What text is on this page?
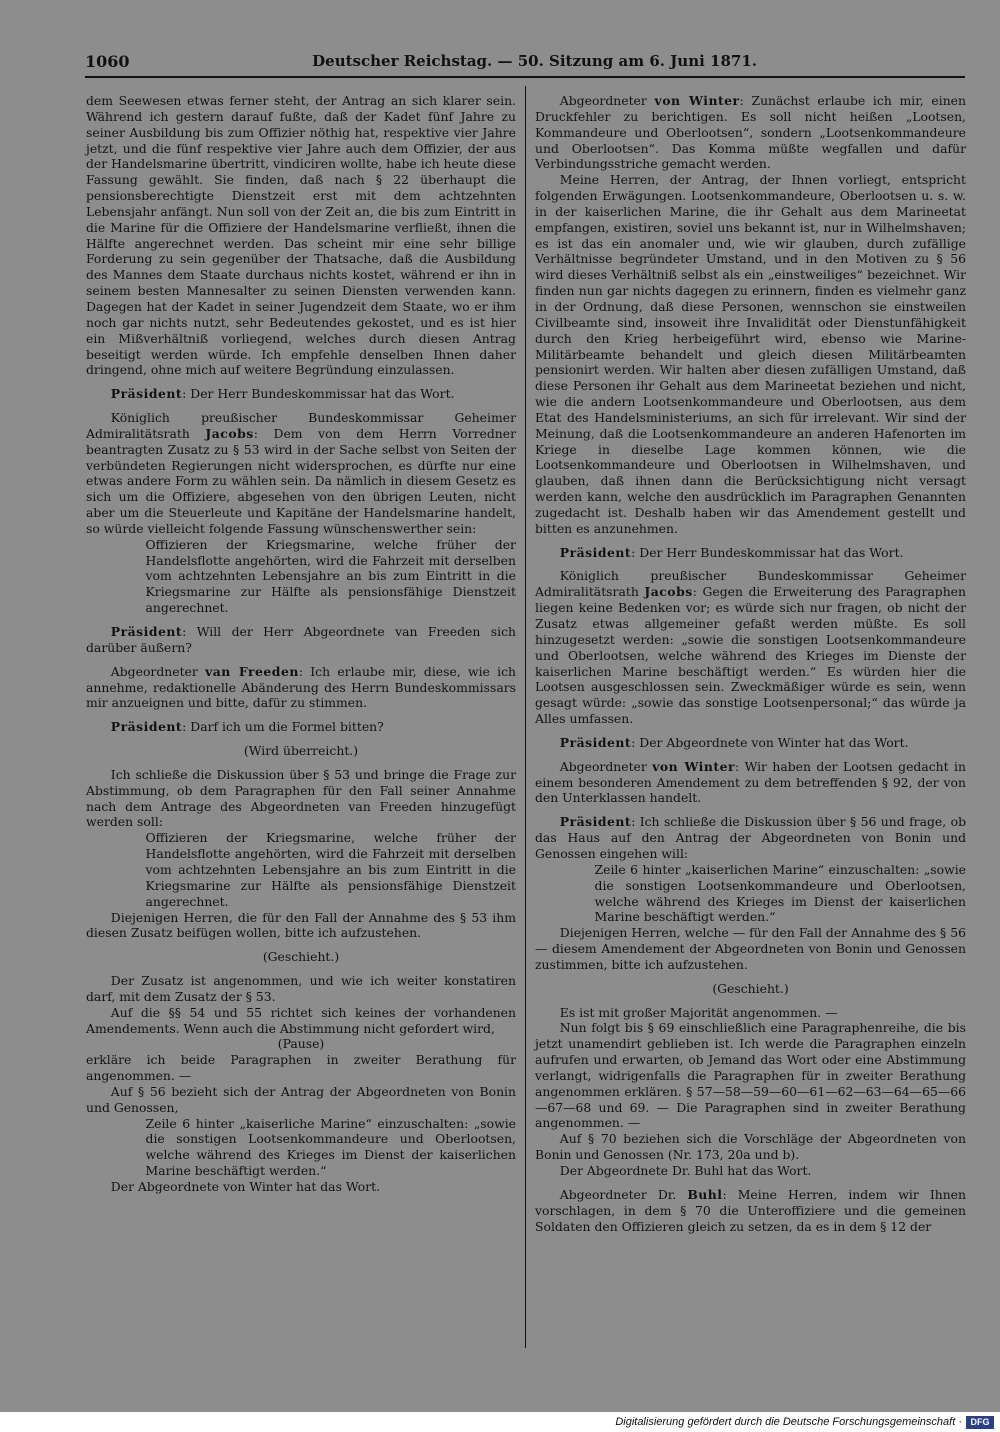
1060	Deutscher Reichstag. — 50. Sitzung am 6. Juni 1871.

dem Seewesen etwas ferner steht, der Antrag an sich klarer sein. Während ich gestern darauf fußte, daß der Kadet fünf Jahre zu seiner Ausbildung bis zum Offizier nöthig hat, respektive vier Jahre jetzt, und die fünf respektive vier Jahre auch dem Offizier, der aus der Handelsmarine übertritt, vindiciren wollte, habe ich heute diese Fassung gewählt. Sie finden, daß nach § 22 überhaupt die pensionsberechtigte Dienstzeit erst mit dem achtzehnten Lebensjahr anfängt. Nun soll von der Zeit an, die bis zum Eintritt in die Marine für die Offiziere der Handelsmarine verfließt, ihnen die Hälfte angerechnet werden. Das scheint mir eine sehr billige Forderung zu sein gegenüber der Thatsache, daß die Ausbildung des Mannes dem Staate durchaus nichts kostet, während er ihn in seinem besten Mannesalter zu seinen Diensten verwenden kann. Dagegen hat der Kadet in seiner Jugendzeit dem Staate, wo er ihm noch gar nichts nutzt, sehr Bedeutendes gekostet, und es ist hier ein Mißverhältniß vorliegend, welches durch diesen Antrag beseitigt werden würde. Ich empfehle denselben Ihnen daher dringend, ohne mich auf weitere Begründung einzulassen.

Präsident: Der Herr Bundeskommissar hat das Wort.

Königlich preußischer Bundeskommissar Geheimer Admiralitätsrath Jacobs: Dem von dem Herrn Vorredner beantragten Zusatz zu § 53 wird in der Sache selbst von Seiten der verbündeten Regierungen nicht widersprochen, es dürfte nur eine etwas andere Form zu wählen sein. Da nämlich in diesem Gesetz es sich um die Offiziere, abgesehen von den übrigen Leuten, nicht aber um die Steuerleute und Kapitäne der Handelsmarine handelt, so würde vielleicht folgende Fassung wünschenswerther sein:

Offizieren der Kriegsmarine, welche früher der Handelsflotte angehörten, wird die Fahrzeit mit derselben vom achtzehnten Lebensjahre an bis zum Eintritt in die Kriegsmarine zur Hälfte als pensionsfähige Dienstzeit angerechnet.

Präsident: Will der Herr Abgeordnete van Freeden sich darüber äußern?

Abgeordneter van Freeden: Ich erlaube mir, diese, wie ich annehme, redaktionelle Abänderung des Herrn Bundeskommissars mir anzueignen und bitte, dafür zu stimmen.

Präsident: Darf ich um die Formel bitten?

(Wird überreicht.)

Ich schließe die Diskussion über § 53 und bringe die Frage zur Abstimmung, ob dem Paragraphen für den Fall seiner Annahme nach dem Antrage des Abgeordneten van Freeden hinzugefügt werden soll:

Offizieren der Kriegsmarine, welche früher der Handelsflotte angehörten, wird die Fahrzeit mit derselben vom achtzehnten Lebensjahre an bis zum Eintritt in die Kriegsmarine zur Hälfte als pensionsfähige Dienstzeit angerechnet.

Diejenigen Herren, die für den Fall der Annahme des § 53 ihm diesen Zusatz beifügen wollen, bitte ich aufzustehen.

(Geschieht.)

Der Zusatz ist angenommen, und wie ich weiter konstatiren darf, mit dem Zusatz der § 53.

Auf die §§ 54 und 55 richtet sich keines der vorhandenen Amendements. Wenn auch die Abstimmung nicht gefordert wird,

(Pause)

erkläre ich beide Paragraphen in zweiter Berathung für angenommen. —

Auf § 56 bezieht sich der Antrag der Abgeordneten von Bonin und Genossen,

Zeile 6 hinter „kaiserliche Marine“ einzuschalten: „sowie die sonstigen Lootsenkommandeure und Oberlootsen, welche während des Krieges im Dienst der kaiserlichen Marine beschäftigt werden.“

Der Abgeordnete von Winter hat das Wort.

Abgeordneter von Winter: Zunächst erlaube ich mir, einen Druckfehler zu berichtigen. Es soll nicht heißen „Lootsen, Kommandeure und Oberlootsen“, sondern „Lootsenkommandeure und Oberlootsen“. Das Komma müßte wegfallen und dafür Verbindungsstriche gemacht werden.

Meine Herren, der Antrag, der Ihnen vorliegt, entspricht folgenden Erwägungen. Lootsenkommandeure, Oberlootsen u. s. w. in der kaiserlichen Marine, die ihr Gehalt aus dem Marineetat empfangen, existiren, soviel uns bekannt ist, nur in Wilhelmshaven; es ist das ein anomaler und, wie wir glauben, durch zufällige Verhältnisse begründeter Umstand, und in den Motiven zu § 56 wird dieses Verhältniß selbst als ein „einstweiliges“ bezeichnet. Wir finden nun gar nichts dagegen zu erinnern, finden es vielmehr ganz in der Ordnung, daß diese Personen, wennschon sie einstweilen Civilbeamte sind, insoweit ihre Invalidität oder Dienstunfähigkeit durch den Krieg herbeigeführt wird, ebenso wie Marine-Militärbeamte behandelt und gleich diesen Militärbeamten pensionirt werden. Wir halten aber diesen zufälligen Umstand, daß diese Personen ihr Gehalt aus dem Marineetat beziehen und nicht, wie die andern Lootsenkommandeure und Oberlootsen, aus dem Etat des Handelsministeriums, an sich für irrelevant. Wir sind der Meinung, daß die Lootsenkommandeure an anderen Hafenorten im Kriege in dieselbe Lage kommen können, wie die Lootsenkommandeure und Oberlootsen in Wilhelmshaven, und glauben, daß ihnen dann die Berücksichtigung nicht versagt werden kann, welche den ausdrücklich im Paragraphen Genannten zugedacht ist. Deshalb haben wir das Amendement gestellt und bitten es anzunehmen.

Präsident: Der Herr Bundeskommissar hat das Wort.

Königlich preußischer Bundeskommissar Geheimer Admiralitätsrath Jacobs: Gegen die Erweiterung des Paragraphen liegen keine Bedenken vor; es würde sich nur fragen, ob nicht der Zusatz etwas allgemeiner gefaßt werden müßte. Es soll hinzugesetzt werden: „sowie die sonstigen Lootsenkommandeure und Oberlootsen, welche während des Krieges im Dienste der kaiserlichen Marine beschäftigt werden.“ Es würden hier die Lootsen ausgeschlossen sein. Zweckmäßiger würde es sein, wenn gesagt würde: „sowie das sonstige Lootsenpersonal;“ das würde ja Alles umfassen.

Präsident: Der Abgeordnete von Winter hat das Wort.

Abgeordneter von Winter: Wir haben der Lootsen gedacht in einem besonderen Amendement zu dem betreffenden § 92, der von den Unterklassen handelt.

Präsident: Ich schließe die Diskussion über § 56 und frage, ob das Haus auf den Antrag der Abgeordneten von Bonin und Genossen eingehen will:

Zeile 6 hinter „kaiserlichen Marine“ einzuschalten: „sowie die sonstigen Lootsenkommandeure und Oberlootsen, welche während des Krieges im Dienst der kaiserlichen Marine beschäftigt werden.“

Diejenigen Herren, welche — für den Fall der Annahme des § 56 — diesem Amendement der Abgeordneten von Bonin und Genossen zustimmen, bitte ich aufzustehen.

(Geschieht.)

Es ist mit großer Majorität angenommen. —

Nun folgt bis § 69 einschließlich eine Paragraphenreihe, die bis jetzt unamendirt geblieben ist. Ich werde die Paragraphen einzeln aufrufen und erwarten, ob Jemand das Wort oder eine Abstimmung verlangt, widrigenfalls die Paragraphen für in zweiter Berathung angenommen erklären. § 57—58—59—60—61—62—63—64—65—66—67—68 und 69. — Die Paragraphen sind in zweiter Berathung angenommen. —

Auf § 70 beziehen sich die Vorschläge der Abgeordneten von Bonin und Genossen (Nr. 173, 20a und b).

Der Abgeordnete Dr. Buhl hat das Wort.

Abgeordneter Dr. Buhl: Meine Herren, indem wir Ihnen vorschlagen, in dem § 70 die Unteroffiziere und die gemeinen Soldaten den Offizieren gleich zu setzen, da es in dem § 12 der

Digitalisierung gefördert durch die Deutsche Forschungsgemeinschaft · DFG
